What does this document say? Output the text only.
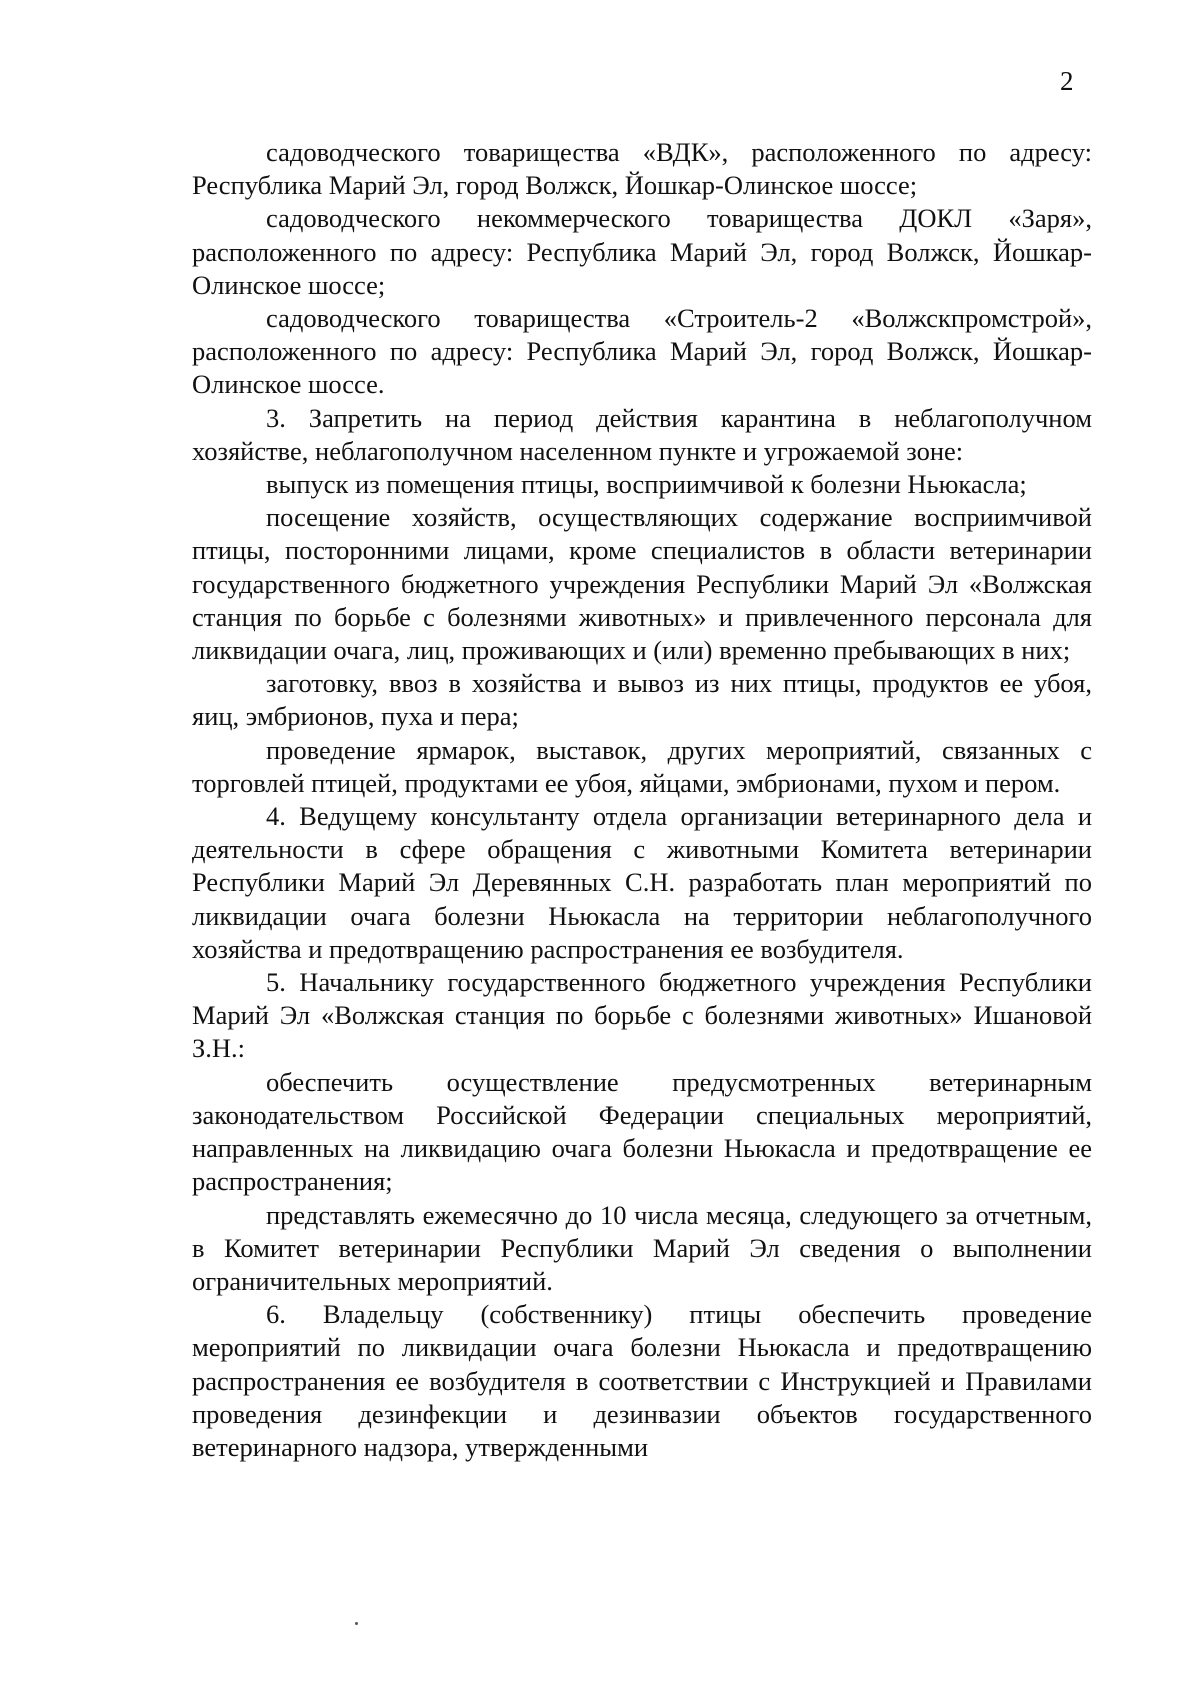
2

садоводческого товарищества «ВДК», расположенного по адресу: Республика Марий Эл, город Волжск, Йошкар-Олинское шоссе;

садоводческого некоммерческого товарищества ДОКЛ «Заря», расположенного по адресу: Республика Марий Эл, город Волжск, Йошкар-Олинское шоссе;

садоводческого товарищества «Строитель-2 «Волжскпромстрой», расположенного по адресу: Республика Марий Эл, город Волжск, Йошкар-Олинское шоссе.

3. Запретить на период действия карантина в неблагополучном хозяйстве, неблагополучном населенном пункте и угрожаемой зоне:

выпуск из помещения птицы, восприимчивой к болезни Ньюкасла;

посещение хозяйств, осуществляющих содержание восприимчивой птицы, посторонними лицами, кроме специалистов в области ветеринарии государственного бюджетного учреждения Республики Марий Эл «Волжская станция по борьбе с болезнями животных» и привлеченного персонала для ликвидации очага, лиц, проживающих и (или) временно пребывающих в них;

заготовку, ввоз в хозяйства и вывоз из них птицы, продуктов ее убоя, яиц, эмбрионов, пуха и пера;

проведение ярмарок, выставок, других мероприятий, связанных с торговлей птицей, продуктами ее убоя, яйцами, эмбрионами, пухом и пером.

4. Ведущему консультанту отдела организации ветеринарного дела и деятельности в сфере обращения с животными Комитета ветеринарии Республики Марий Эл Деревянных С.Н. разработать план мероприятий по ликвидации очага болезни Ньюкасла на территории неблагополучного хозяйства и предотвращению распространения ее возбудителя.

5. Начальнику государственного бюджетного учреждения Республики Марий Эл «Волжская станция по борьбе с болезнями животных» Ишановой З.Н.:

обеспечить осуществление предусмотренных ветеринарным законодательством Российской Федерации специальных мероприятий, направленных на ликвидацию очага болезни Ньюкасла и предотвращение ее распространения;

представлять ежемесячно до 10 числа месяца, следующего за отчетным, в Комитет ветеринарии Республики Марий Эл сведения о выполнении ограничительных мероприятий.

6. Владельцу (собственнику) птицы обеспечить проведение мероприятий по ликвидации очага болезни Ньюкасла и предотвращению распространения ее возбудителя в соответствии с Инструкцией и Правилами проведения дезинфекции и дезинвазии объектов государственного ветеринарного надзора, утвержденными
